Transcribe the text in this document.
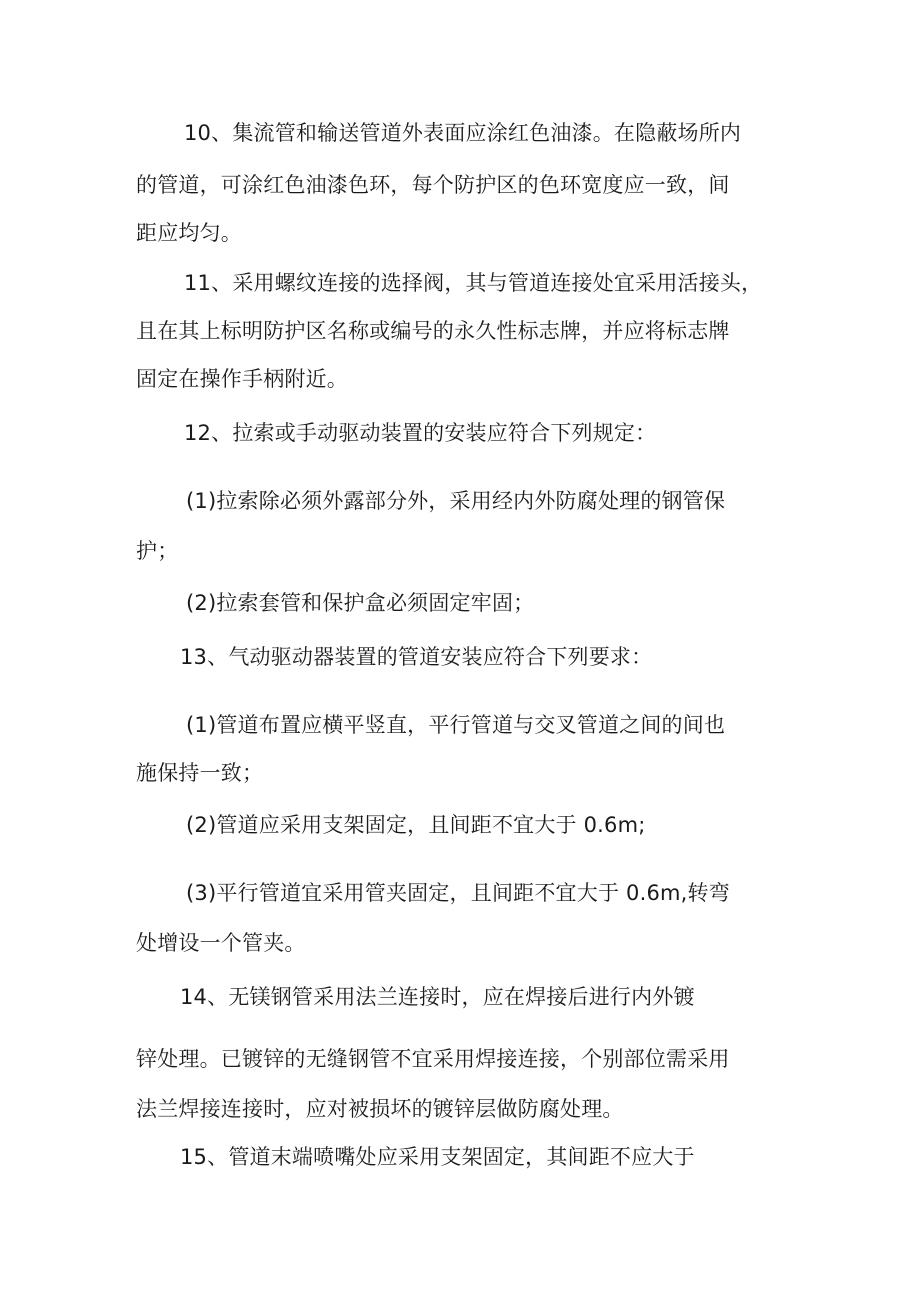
10、集流管和输送管道外表面应涂红色油漆。在隐蔽场所内

的管道，可涂红色油漆色环，每个防护区的色环宽度应一致，间

距应均匀。

11、采用螺纹连接的选择阀，其与管道连接处宜采用活接头，

且在其上标明防护区名称或编号的永久性标志牌，并应将标志牌

固定在操作手柄附近。

12、拉索或手动驱动装置的安装应符合下列规定：

(1)拉索除必须外露部分外，采用经内外防腐处理的钢管保

护；

(2)拉索套管和保护盒必须固定牢固；

13、气动驱动器装置的管道安装应符合下列要求：

(1)管道布置应横平竖直，平行管道与交叉管道之间的间也

施保持一致；

(2)管道应采用支架固定，且间距不宜大于 0.6m;

(3)平行管道宜采用管夹固定，且间距不宜大于 0.6m,转弯

处增设一个管夹。

14、无镁钢管采用法兰连接时，应在焊接后进行内外镀

锌处理。已镀锌的无缝钢管不宜采用焊接连接，个别部位需采用

法兰焊接连接时，应对被损坏的镀锌层做防腐处理。

15、管道末端喷嘴处应采用支架固定，其间距不应大于
